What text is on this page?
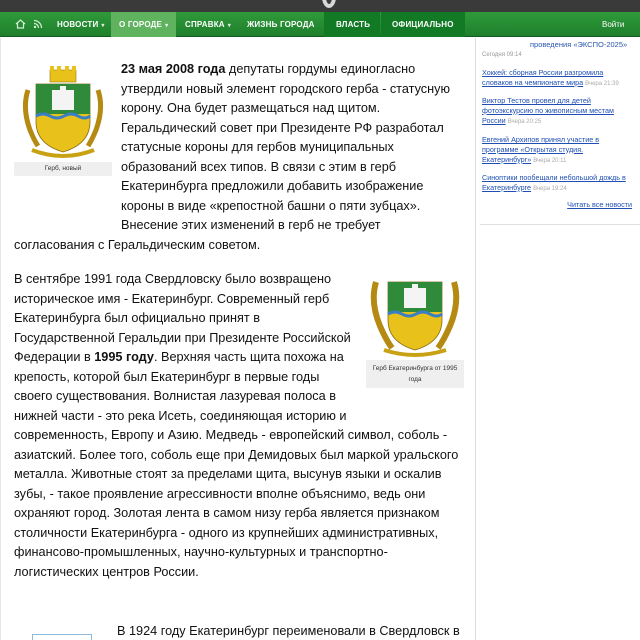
НОВОСТИ ▾	О ГОРОДЕ ▾	СПРАВКА ▾ ЖИЗНЬ ГОРОДА	ВЛАСТЬ	ОФИЦИАЛЬНО	Войти
Герб, новый
23 мая 2008 года депутаты гордумы единогласно утвердили новый элемент городского герба - статусную корону. Она будет размещаться над щитом. Геральдический совет при Президенте РФ разработал статусные короны для гербов муниципальных образований всех типов. В связи с этим в герб Екатеринбурга предложили добавить изображение короны в виде «крепостной башни о пяти зубцах». Внесение этих изменений в герб не требует согласования с Геральдическим советом.
Герб Екатеринбурга от 1995 года
В сентябре 1991 года Свердловску было возвращено историческое имя - Екатеринбург. Современный герб Екатеринбурга был официально принят в Государственной Геральдии при Президенте Российской Федерации в 1995 году. Верхняя часть щита похожа на крепость, которой был Екатеринбург в первые годы своего существования. Волнистая лазуревая полоса в нижней части - это река Исеть, соединяющая историю и современность, Европу и Азию. Медведь - европейский символ, соболь - азиатский. Более того, соболь еще при Демидовых был маркой уральского металла. Животные стоят за пределами щита, высунув языки и оскалив зубы, - такое проявление агрессивности вполне объяснимо, ведь они охраняют город. Золотая лента в самом низу герба является признаком столичности Екатеринбурга - одного из крупнейших административных, финансово-промышленных, научно-культурных и транспортно-логистических центров России.
В 1924 году Екатеринбург переименовали в Свердловск в
проведения «ЭКСПО-2025»
Сегодня 09:14
Хоккей: сборная России разгромила словаков на чемпионате мира Вчера 21:39
Виктор Тестов провел для детей фотоэкскурсию по живописным местам России Вчера 20:25
Евгений Архипов принял участие в программе «Открытая студия. Екатеринбург» Вчера 20:11
Синоптики пообещали небольшой дождь в Екатеринбурге Вчера 19:24
Читать все новости
